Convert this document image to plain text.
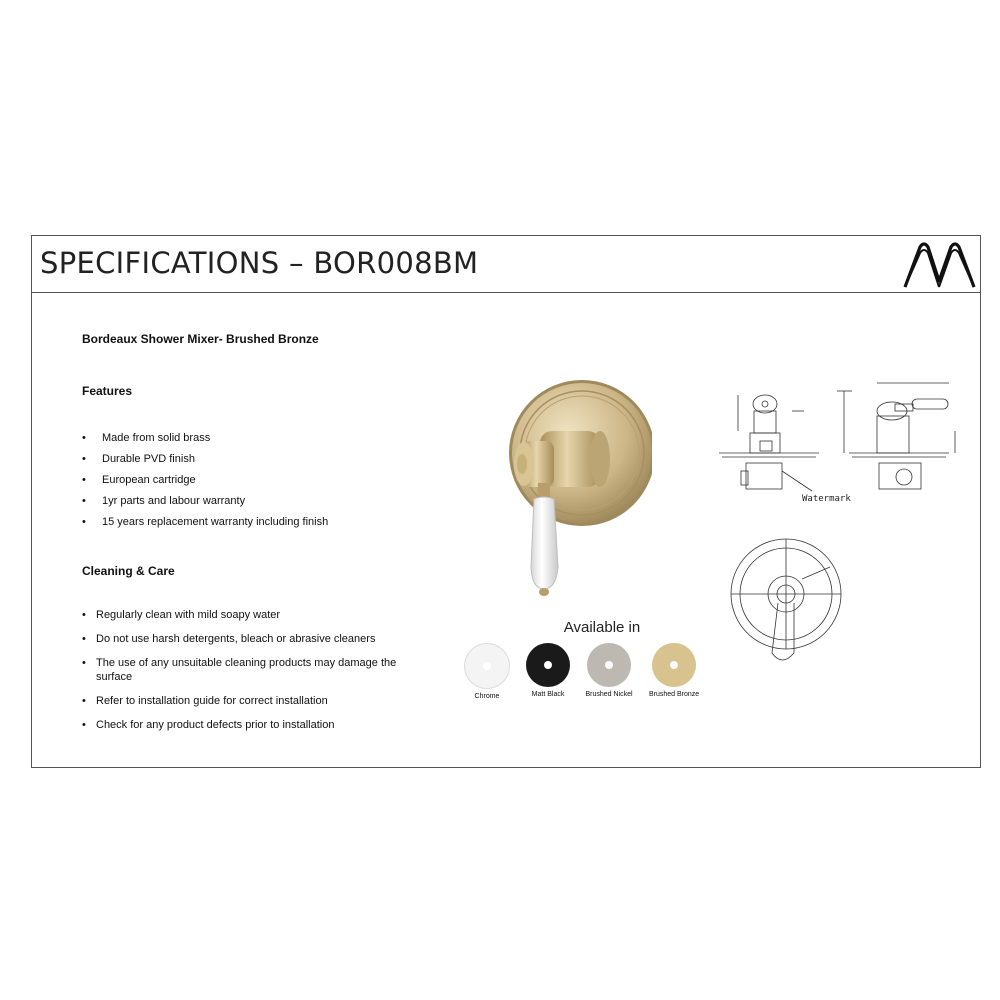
SPECIFICATIONS – BOR008BM

Bordeaux Shower Mixer- Brushed Bronze

Features

• Made from solid brass
• Durable PVD finish
• European cartridge
• 1yr parts and labour warranty
• 15 years replacement warranty including finish

Cleaning & Care

• Regularly clean with mild soapy water
• Do not use harsh detergents, bleach or abrasive cleaners
• The use of any unsuitable cleaning products may damage the surface
• Refer to installation guide for correct installation
• Check for any product defects prior to installation
Available in
Chrome	Matt Black	Brushed Nickel Brushed Bronze
Watermark
